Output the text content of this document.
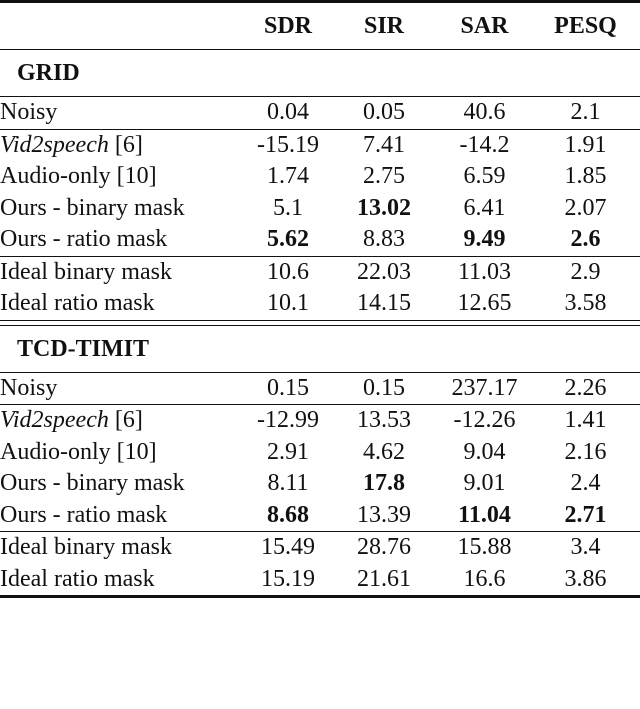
	SDR	SIR	SAR	PESQ
GRID				
Noisy	0.04	0.05	40.6	2.1
Vid2speech [6]	-15.19	7.41	-14.2	1.91
Audio-only [10]	1.74	2.75	6.59	1.85
Ours - binary mask	5.1	13.02	6.41	2.07
Ours - ratio mask	5.62	8.83	9.49	2.6
Ideal binary mask	10.6	22.03	11.03	2.9
Ideal ratio mask	10.1	14.15	12.65	3.58

TCD-TIMIT				
Noisy	0.15	0.15	237.17	2.26
Vid2speech [6]	-12.99	13.53	-12.26	1.41
Audio-only [10]	2.91	4.62	9.04	2.16
Ours - binary mask	8.11	17.8	9.01	2.4
Ours - ratio mask	8.68	13.39	11.04	2.71
Ideal binary mask	15.49	28.76	15.88	3.4
Ideal ratio mask	15.19	21.61	16.6	3.86
